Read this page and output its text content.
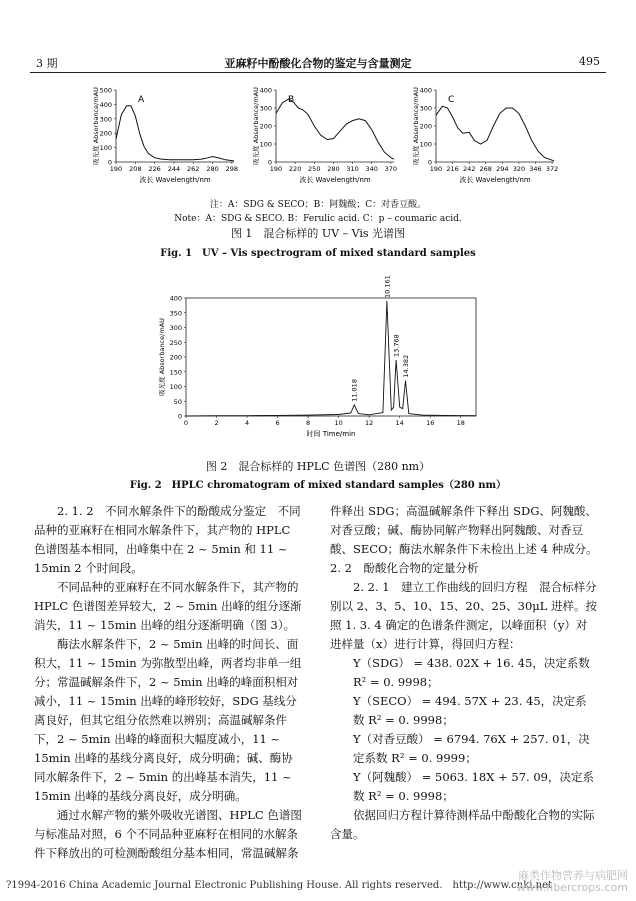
3 期	亚麻籽中酚酸化合物的鉴定与含量测定	495
0
100
200
300
400
500
190 208 226 244 262 280 298
A
吸光度 Absorbance/mAU
波长 Wavelength/nm
0
100
200
300
400
190 220 250 280 310 340 370
B
吸光度 Absorbance/mAU
波长 Wavelength/nm
0
100
200
300
400
190 216 242 268 294 320 346 372
C
吸光度 Absorbance/mAU
波长 Wavelength/nm
注：A：SDG & SECO；B：阿魏酸；C：对香豆酸。
Note：A：SDG & SECO. B：Ferulic acid. C：p – coumaric acid.
图 1　混合标样的 UV – Vis 光谱图
Fig. 1　UV – Vis spectrogram of mixed standard samples
0
50
100
150
200
250
300
350
400
0	2	4	6	8	10	12	14	16	18
11.018
10.161
13.768
14.382
吸光度 Absorbance/mAU
时间 Time/min
图 2　混合标样的 HPLC 色谱图（280 nm）
Fig. 2　HPLC chromatogram of mixed standard samples（280 nm）

2. 1. 2　不同水解条件下的酚酸成分鉴定　不同品种的亚麻籽在相同水解条件下，其产物的 HPLC 色谱图基本相同，出峰集中在 2 ~ 5min 和 11 ~ 15min 2 个时间段。

不同品种的亚麻籽在不同水解条件下，其产物的 HPLC 色谱图差异较大，2 ~ 5min 出峰的组分逐渐消失，11 ~ 15min 出峰的组分逐渐明确（图 3）。

酶法水解条件下，2 ~ 5min 出峰的时间长、面积大，11 ~ 15min 为弥散型出峰，两者均非单一组分；常温碱解条件下，2 ~ 5min 出峰的峰面积相对减小，11 ~ 15min 出峰的峰形较好，SDG 基线分离良好，但其它组分依然难以辨别；高温碱解条件下，2 ~ 5min 出峰的峰面积大幅度减小，11 ~ 15min 出峰的基线分离良好，成分明确；碱、酶协同水解条件下，2 ~ 5min 的出峰基本消失，11 ~ 15min 出峰的基线分离良好，成分明确。

通过水解产物的紫外吸收光谱图、HPLC 色谱图与标准品对照，6 个不同品种亚麻籽在相同的水解条件下释放出的可检测酚酸组分基本相同，常温碱解条

件释出 SDG；高温碱解条件下释出 SDG、阿魏酸、对香豆酸；碱、酶协同解产物释出阿魏酸、对香豆酸、SECO；酶法水解条件下未检出上述 4 种成分。

2. 2　酚酸化合物的定量分析

2. 2. 1　建立工作曲线的回归方程　混合标样分别以 2、3、5、10、15、20、25、30μL 进样。按照 1. 3. 4 确定的色谱条件测定，以峰面积（y）对进样量（x）进行计算，得回归方程：

Y（SDG） = 438. 02X + 16. 45，决定系数 R² = 0. 9998；

Y（SECO） = 494. 57X + 23. 45，决定系数 R² = 0. 9998；

Y（对香豆酸） = 6794. 76X + 257. 01，决定系数 R² = 0. 9999；

Y（阿魏酸） = 5063. 18X + 57. 09，决定系数 R² = 0. 9998；

依据回归方程计算待测样品中酚酸化合物的实际含量。

?1994-2016 China Academic Journal Electronic Publishing House. All rights reserved.　http://www.cnki.net
麻类作物营养与病肥网 www.fibercrops.com
